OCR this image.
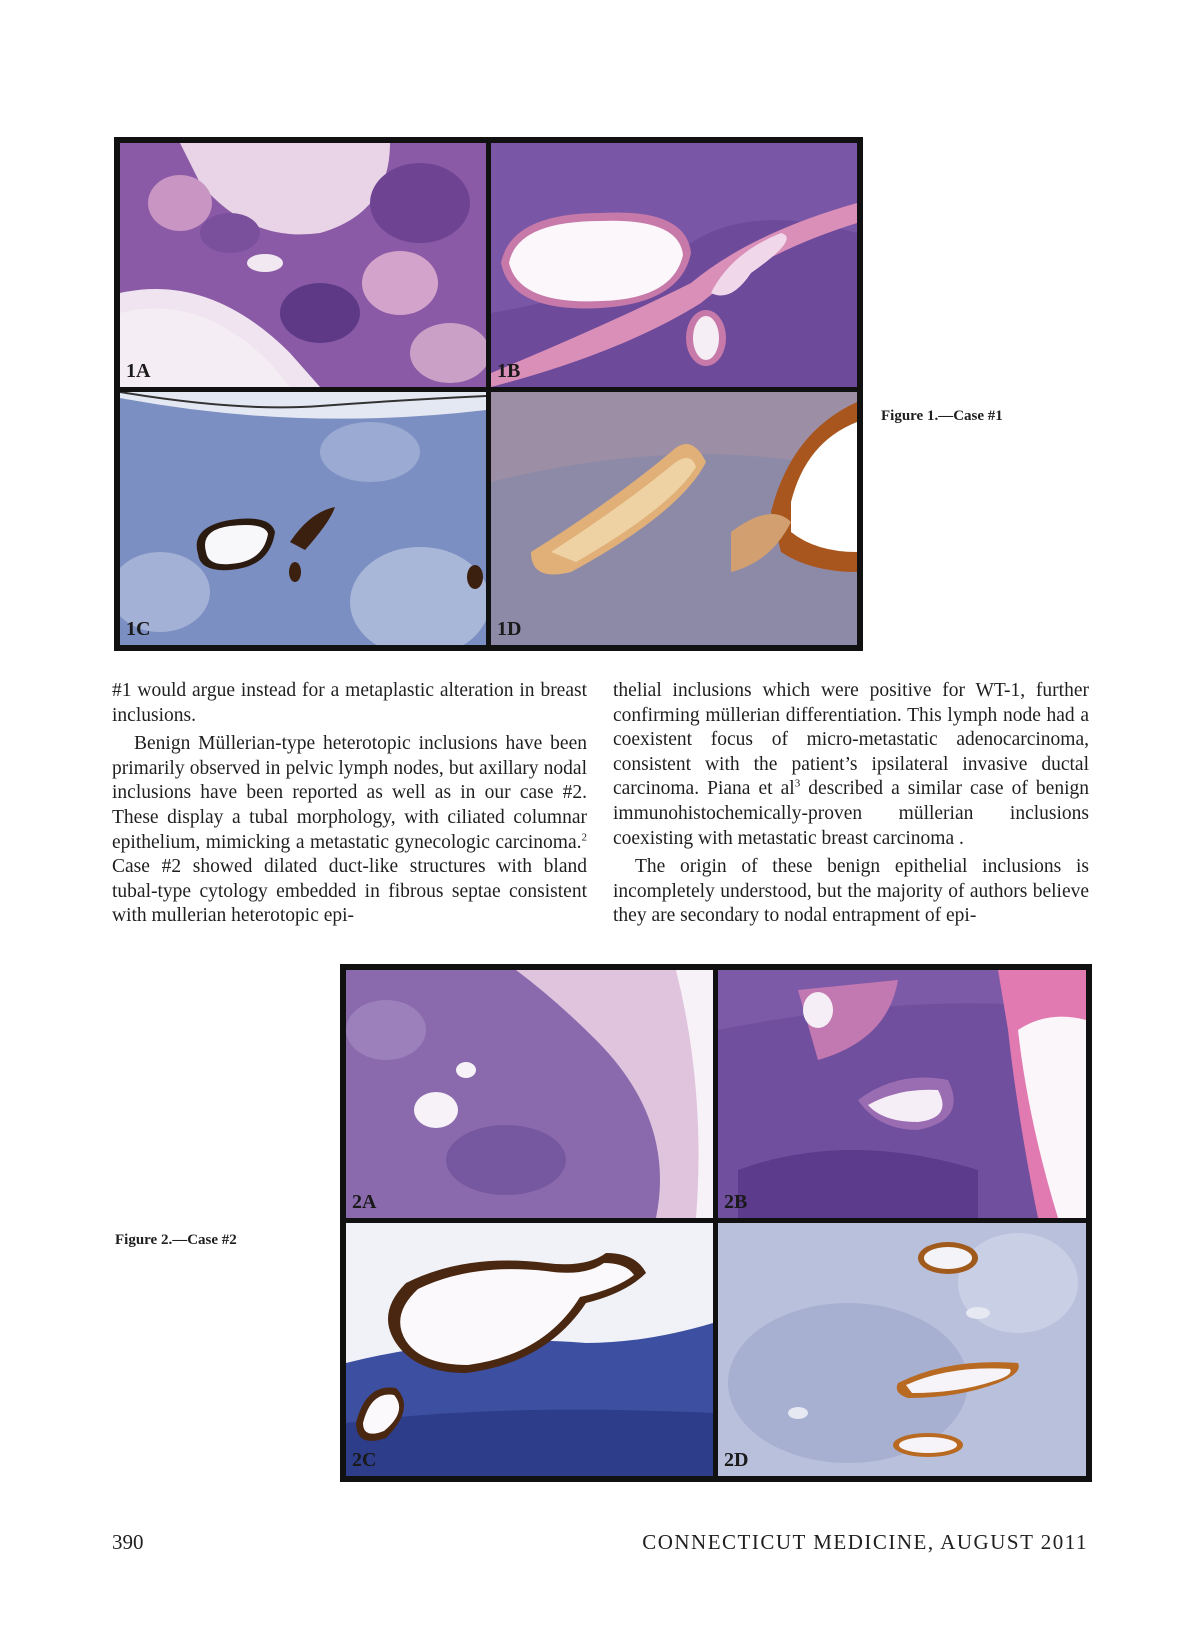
1A	1B
1C	1D
Figure 1.—Case #1

#1 would argue instead for a metaplastic alteration in breast inclusions.

Benign Müllerian-type heterotopic inclusions have been primarily observed in pelvic lymph nodes, but axillary nodal inclusions have been reported as well as in our case #2. These display a tubal morphology, with ciliated columnar epithelium, mimicking a metastatic gynecologic carcinoma.$^2$ Case #2 showed dilated duct-like structures with bland tubal-type cytology embedded in fibrous septae consistent with mullerian heterotopic epi-

thelial inclusions which were positive for WT-1, further confirming müllerian differentiation. This lymph node had a coexistent focus of micro-metastatic adenocarcinoma, consistent with the patient’s ipsilateral invasive ductal carcinoma. Piana et $al^3$ described a similar case of benign immunohistochemically-proven müllerian inclusions coexisting with metastatic breast carcinoma .

The origin of these benign epithelial inclusions is incompletely understood, but the majority of authors believe they are secondary to nodal entrapment of epi-

Figure 2.—Case #2
2A	2B
2C	2D
390	CONNECTICUT MEDICINE, AUGUST 2011
